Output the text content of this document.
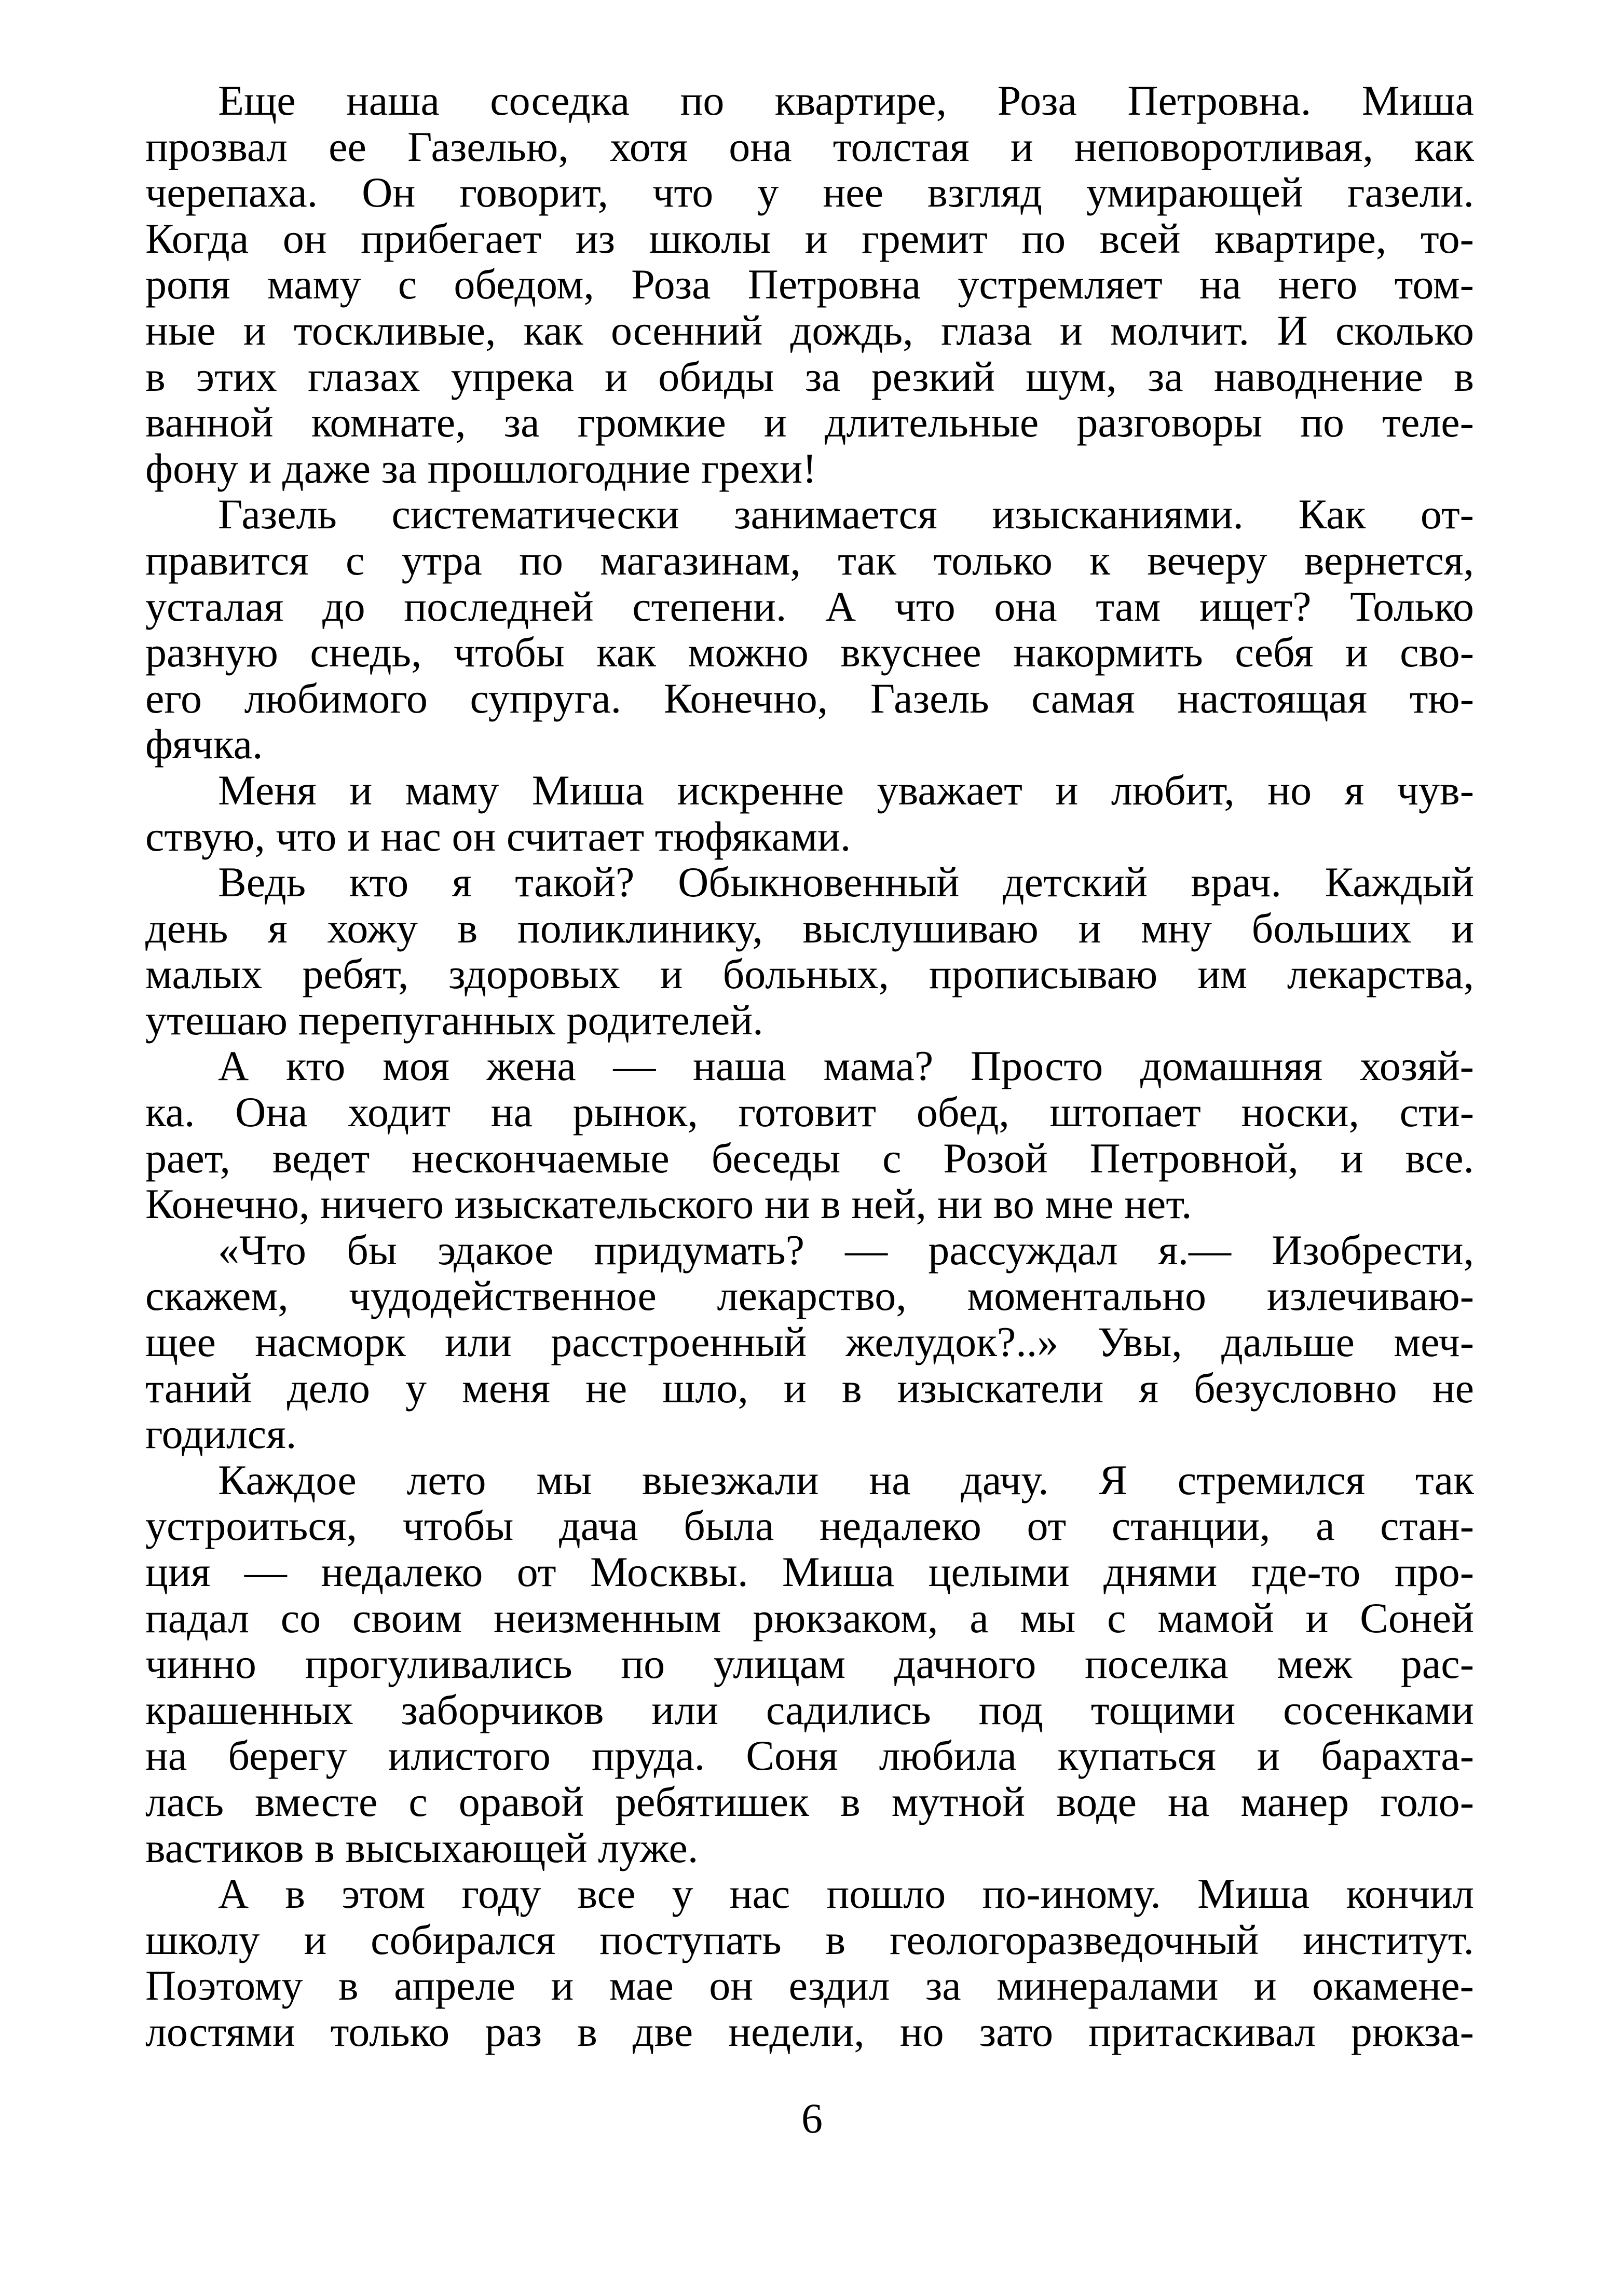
Еще наша соседка по квартире, Роза Петровна. Миша
прозвал ее Газелью, хотя она толстая и неповоротливая, как
черепаха. Он говорит, что у нее взгляд умирающей газели.
Когда он прибегает из школы и гремит по всей квартире, то-
ропя маму с обедом, Роза Петровна устремляет на него том-
ные и тоскливые, как осенний дождь, глаза и молчит. И сколько
в этих глазах упрека и обиды за резкий шум, за наводнение в
ванной комнате, за громкие и длительные разговоры по теле-
фону и даже за прошлогодние грехи!
Газель систематически занимается изысканиями. Как от-
правится с утра по магазинам, так только к вечеру вернется,
усталая до последней степени. А что она там ищет? Только
разную снедь, чтобы как можно вкуснее накормить себя и сво-
его любимого супруга. Конечно, Газель самая настоящая тю-
фячка.
Меня и маму Миша искренне уважает и любит, но я чув-
ствую, что и нас он считает тюфяками.
Ведь кто я такой? Обыкновенный детский врач. Каждый
день я хожу в поликлинику, выслушиваю и мну больших и
малых ребят, здоровых и больных, прописываю им лекарства,
утешаю перепуганных родителей.
А кто моя жена — наша мама? Просто домашняя хозяй-
ка. Она ходит на рынок, готовит обед, штопает носки, сти-
рает, ведет нескончаемые беседы с Розой Петровной, и все.
Конечно, ничего изыскательского ни в ней, ни во мне нет.
«Что бы эдакое придумать? — рассуждал я.— Изобрести,
скажем, чудодейственное лекарство, моментально излечиваю-
щее насморк или расстроенный желудок?..» Увы, дальше меч-
таний дело у меня не шло, и в изыскатели я безусловно не
годился.
Каждое лето мы выезжали на дачу. Я стремился так
устроиться, чтобы дача была недалеко от станции, а стан-
ция — недалеко от Москвы. Миша целыми днями где-то про-
падал со своим неизменным рюкзаком, а мы с мамой и Соней
чинно прогуливались по улицам дачного поселка меж рас-
крашенных заборчиков или садились под тощими сосенками
на берегу илистого пруда. Соня любила купаться и барахта-
лась вместе с оравой ребятишек в мутной воде на манер голо-
вастиков в высыхающей луже.
А в этом году все у нас пошло по-иному. Миша кончил
школу и собирался поступать в геологоразведочный институт.
Поэтому в апреле и мае он ездил за минералами и окамене-
лостями только раз в две недели, но зато притаскивал рюкза-
6
